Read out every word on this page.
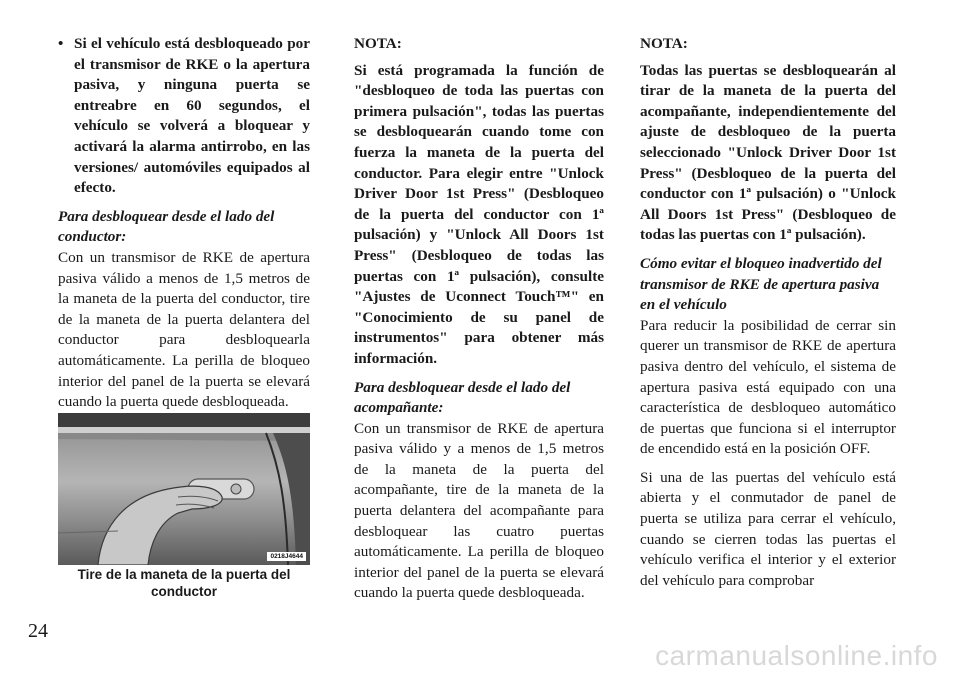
• Si el vehículo está desbloqueado por el transmisor de RKE o la apertura pasiva, y ninguna puerta se entreabre en 60 segundos, el vehículo se volverá a bloquear y activará la alarma antirrobo, en las versiones/ automóviles equipados al efecto.

Para desbloquear desde el lado del conductor:

Con un transmisor de RKE de apertura pasiva válido a menos de 1,5 metros de la maneta de la puerta del conductor, tire de la maneta de la puerta delantera del conductor para desbloquearla automáticamente. La perilla de bloqueo interior del panel de la puerta se elevará cuando la puerta quede desbloqueada.

0218J4644
Tire de la maneta de la puerta del conductor

NOTA:

Si está programada la función de "desbloqueo de toda las puertas con primera pulsación", todas las puertas se desbloquearán cuando tome con fuerza la maneta de la puerta del conductor. Para elegir entre "Unlock Driver Door 1st Press" (Desbloqueo de la puerta del conductor con 1ª pulsación) y "Unlock All Doors 1st Press" (Desbloqueo de todas las puertas con 1ª pulsación), consulte "Ajustes de Uconnect Touch™" en "Conocimiento de su panel de instrumentos" para obtener más información.

Para desbloquear desde el lado del acompañante:

Con un transmisor de RKE de apertura pasiva válido y a menos de 1,5 metros de la maneta de la puerta del acompañante, tire de la maneta de la puerta delantera del acompañante para desbloquear las cuatro puertas automáticamente. La perilla de bloqueo interior del panel de la puerta se elevará cuando la puerta quede desbloqueada.

NOTA:

Todas las puertas se desbloquearán al tirar de la maneta de la puerta del acompañante, independientemente del ajuste de desbloqueo de la puerta seleccionado "Unlock Driver Door 1st Press" (Desbloqueo de la puerta del conductor con 1ª pulsación) o "Unlock All Doors 1st Press" (Desbloqueo de todas las puertas con 1ª pulsación).

Cómo evitar el bloqueo inadvertido del transmisor de RKE de apertura pasiva en el vehículo

Para reducir la posibilidad de cerrar sin querer un transmisor de RKE de apertura pasiva dentro del vehículo, el sistema de apertura pasiva está equipado con una característica de desbloqueo automático de puertas que funciona si el interruptor de encendido está en la posición OFF.

Si una de las puertas del vehículo está abierta y el conmutador de panel de puerta se utiliza para cerrar el vehículo, cuando se cierren todas las puertas el vehículo verifica el interior y el exterior del vehículo para comprobar

24
carmanualsonline.info
